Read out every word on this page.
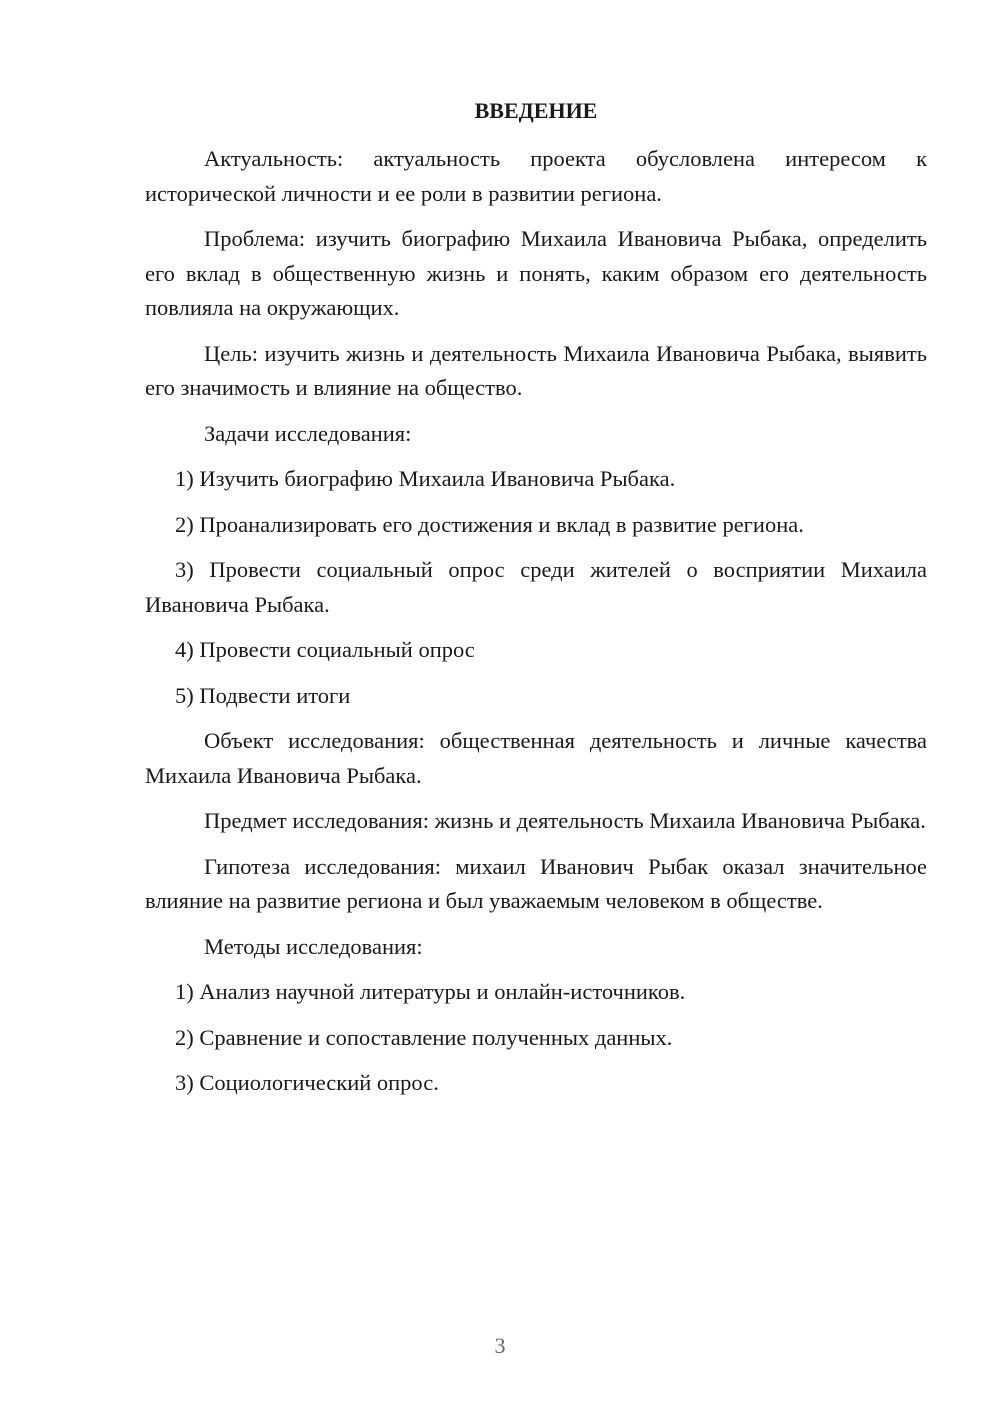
ВВЕДЕНИЕ

Актуальность: актуальность проекта обусловлена интересом к исторической личности и ее роли в развитии региона.

Проблема: изучить биографию Михаила Ивановича Рыбака, определить его вклад в общественную жизнь и понять, каким образом его деятельность повлияла на окружающих.

Цель: изучить жизнь и деятельность Михаила Ивановича Рыбака, выявить его значимость и влияние на общество.

Задачи исследования:

1) Изучить биографию Михаила Ивановича Рыбака.

2) Проанализировать его достижения и вклад в развитие региона.

3) Провести социальный опрос среди жителей о восприятии Михаила Ивановича Рыбака.

4) Провести социальный опрос

5) Подвести итоги

Объект исследования: общественная деятельность и личные качества Михаила Ивановича Рыбака.

Предмет исследования: жизнь и деятельность Михаила Ивановича Рыбака.

Гипотеза исследования: михаил Иванович Рыбак оказал значительное влияние на развитие региона и был уважаемым человеком в обществе.

Методы исследования:

1) Анализ научной литературы и онлайн-источников.

2) Сравнение и сопоставление полученных данных.

3) Социологический опрос.

3
